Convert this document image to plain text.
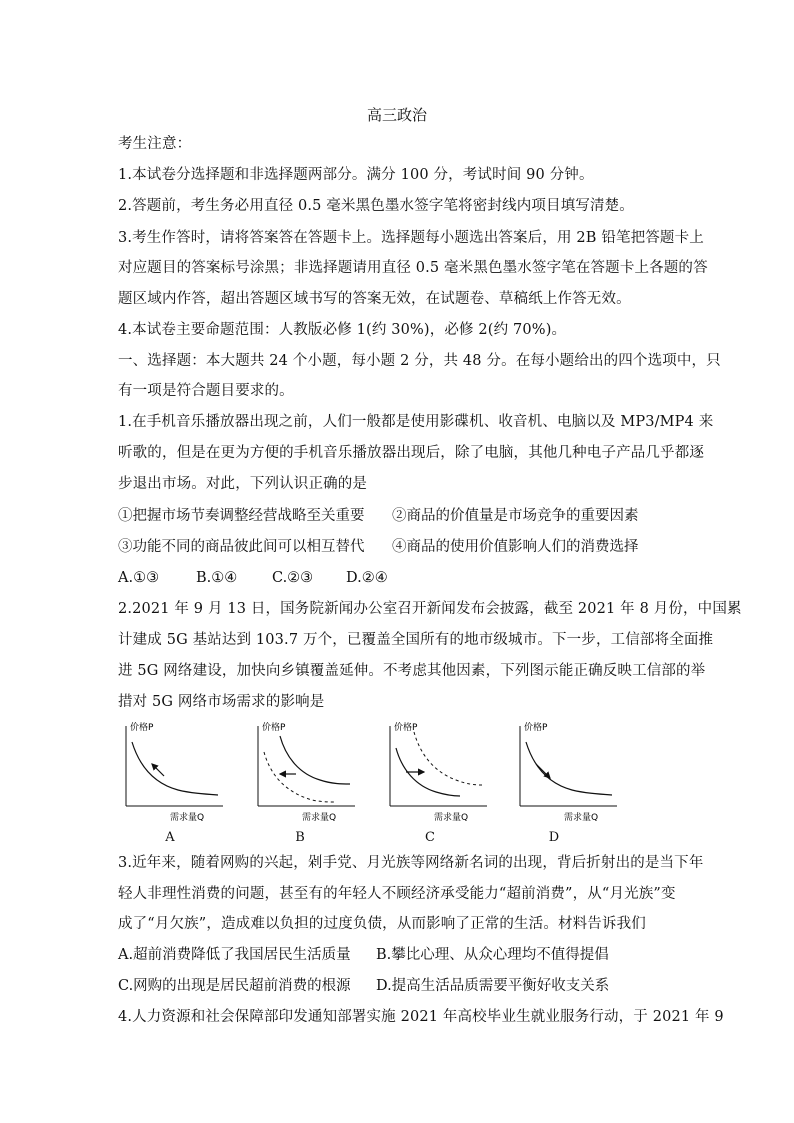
高三政治
考生注意：
1.本试卷分选择题和非选择题两部分。满分 100 分，考试时间 90 分钟。
2.答题前，考生务必用直径 0.5 毫米黑色墨水签字笔将密封线内项目填写清楚。
3.考生作答时，请将答案答在答题卡上。选择题每小题选出答案后，用 2B 铅笔把答题卡上
对应题目的答案标号涂黑；非选择题请用直径 0.5 毫米黑色墨水签字笔在答题卡上各题的答
题区域内作答，超出答题区域书写的答案无效，在试题卷、草稿纸上作答无效。
4.本试卷主要命题范围：人教版必修 1(约 30%)，必修 2(约 70%)。
一、选择题：本大题共 24 个小题，每小题 2 分，共 48 分。在每小题给出的四个选项中，只
有一项是符合题目要求的。
1.在手机音乐播放器出现之前，人们一般都是使用影碟机、收音机、电脑以及 MP3/MP4 来
听歌的，但是在更为方便的手机音乐播放器出现后，除了电脑，其他几种电子产品几乎都逐
步退出市场。对此，下列认识正确的是
①把握市场节奏调整经营战略至关重要 ②商品的价值量是市场竞争的重要因素
③功能不同的商品彼此间可以相互替代 ④商品的使用价值影响人们的消费选择
A.①③	B.①④ C.②③ D.②④
2.2021 年 9 月 13 日，国务院新闻办公室召开新闻发布会披露，截至 2021 年 8 月份，中国累
计建成 5G 基站达到 103.7 万个，已覆盖全国所有的地市级城市。下一步，工信部将全面推
进 5G 网络建设，加快向乡镇覆盖延伸。不考虑其他因素，下列图示能正确反映工信部的举
措对 5G 网络市场需求的影响是
价格P
需求量Q
价格P
需求量Q
价格P
需求量Q
价格P
需求量Q
A	B	C	D
3.近年来，随着网购的兴起，剁手党、月光族等网络新名词的出现，背后折射出的是当下年
轻人非理性消费的问题，甚至有的年轻人不顾经济承受能力“超前消费”，从“月光族”变
成了“月欠族”，造成难以负担的过度负债，从而影响了正常的生活。材料告诉我们
A.超前消费降低了我国居民生活质量 B.攀比心理、从众心理均不值得提倡
C.网购的出现是居民超前消费的根源 D.提高生活品质需要平衡好收支关系
4.人力资源和社会保障部印发通知部署实施 2021 年高校毕业生就业服务行动，于 2021 年 9
